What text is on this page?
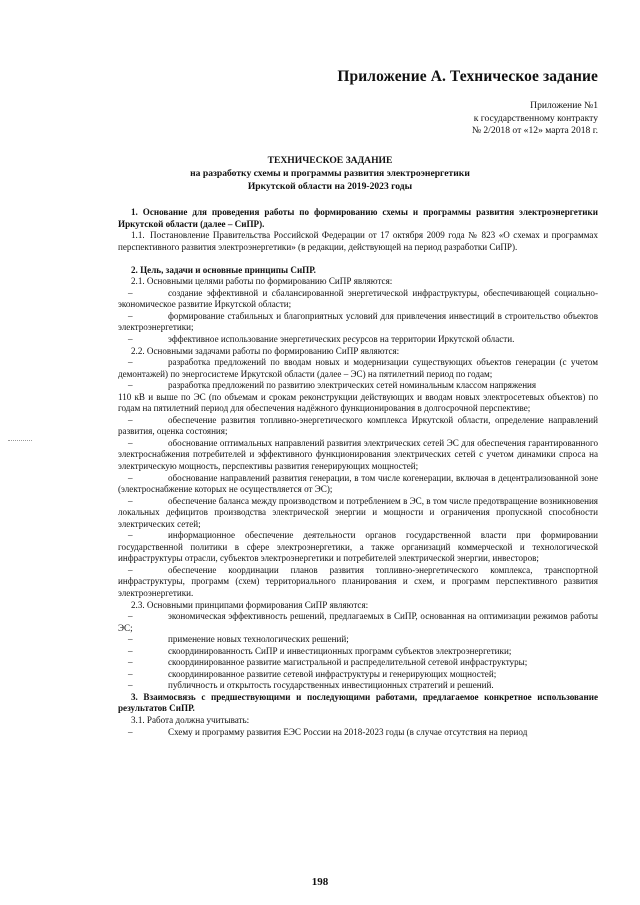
Приложение А. Техническое задание
Приложение №1
к государственному контракту
№ 2/2018 от «12» марта 2018 г.
ТЕХНИЧЕСКОЕ ЗАДАНИЕ
на разработку схемы и программы развития электроэнергетики
Иркутской области на 2019-2023 годы

1. Основание для проведения работы по формированию схемы и программы развития электроэнергетики Иркутской области (далее – СиПР).

1.1. Постановление Правительства Российской Федерации от 17 октября 2009 года № 823 «О схемах и программах перспективного развития электроэнергетики» (в редакции, действующей на период разработки СиПР).

2. Цель, задачи и основные принципы СиПР.

2.1. Основными целями работы по формированию СиПР являются:

–	создание эффективной и сбалансированной энергетической инфраструктуры, обеспечивающей социально-экономическое развитие Иркутской области;

–	формирование стабильных и благоприятных условий для привлечения инвестиций в строительство объектов электроэнергетики;

–	эффективное использование энергетических ресурсов на территории Иркутской области.

2.2. Основными задачами работы по формированию СиПР являются:

–	разработка предложений по вводам новых и модернизации существующих объектов генерации (с учетом демонтажей) по энергосистеме Иркутской области (далее – ЭС) на пятилетний период по годам;

–	разработка предложений по развитию электрических сетей номинальным классом напряжения

110 кВ и выше по ЭС (по объемам и срокам реконструкции действующих и вводам новых электросетевых объектов) по годам на пятилетний период для обеспечения надёжного функционирования в долгосрочной перспективе;

–	обеспечение развития топливно-энергетического комплекса Иркутской области, определение направлений развития, оценка состояния;

–	обоснование оптимальных направлений развития электрических сетей ЭС для обеспечения гарантированного электроснабжения потребителей и эффективного функционирования электрических сетей с учетом динамики спроса на электрическую мощность, перспективы развития генерирующих мощностей;

–	обоснование направлений развития генерации, в том числе когенерации, включая в децентрализованной зоне (электроснабжение которых не осуществляется от ЭС);

–	обеспечение баланса между производством и потреблением в ЭС, в том числе предотвращение возникновения локальных дефицитов производства электрической энергии и мощности и ограничения пропускной способности электрических сетей;

–	информационное обеспечение деятельности органов государственной власти при формировании государственной политики в сфере электроэнергетики, а также организаций коммерческой и технологической инфраструктуры отрасли, субъектов электроэнергетики и потребителей электрической энергии, инвесторов;

–	обеспечение координации планов развития топливно-энергетического комплекса, транспортной инфраструктуры, программ (схем) территориального планирования и схем, и программ перспективного развития электроэнергетики.

2.3. Основными принципами формирования СиПР являются:

–	экономическая эффективность решений, предлагаемых в СиПР, основанная на оптимизации режимов работы ЭС;

–	применение новых технологических решений;

–	скоординированность СиПР и инвестиционных программ субъектов электроэнергетики;

–	скоординированное развитие магистральной и распределительной сетевой инфраструктуры;

–	скоординированное развитие сетевой инфраструктуры и генерирующих мощностей;

–	публичность и открытость государственных инвестиционных стратегий и решений.

3. Взаимосвязь с предшествующими и последующими работами, предлагаемое конкретное использование результатов СиПР.

3.1. Работа должна учитывать:

–	Схему и программу развития ЕЭС России на 2018-2023 годы (в случае отсутствия на период

198
